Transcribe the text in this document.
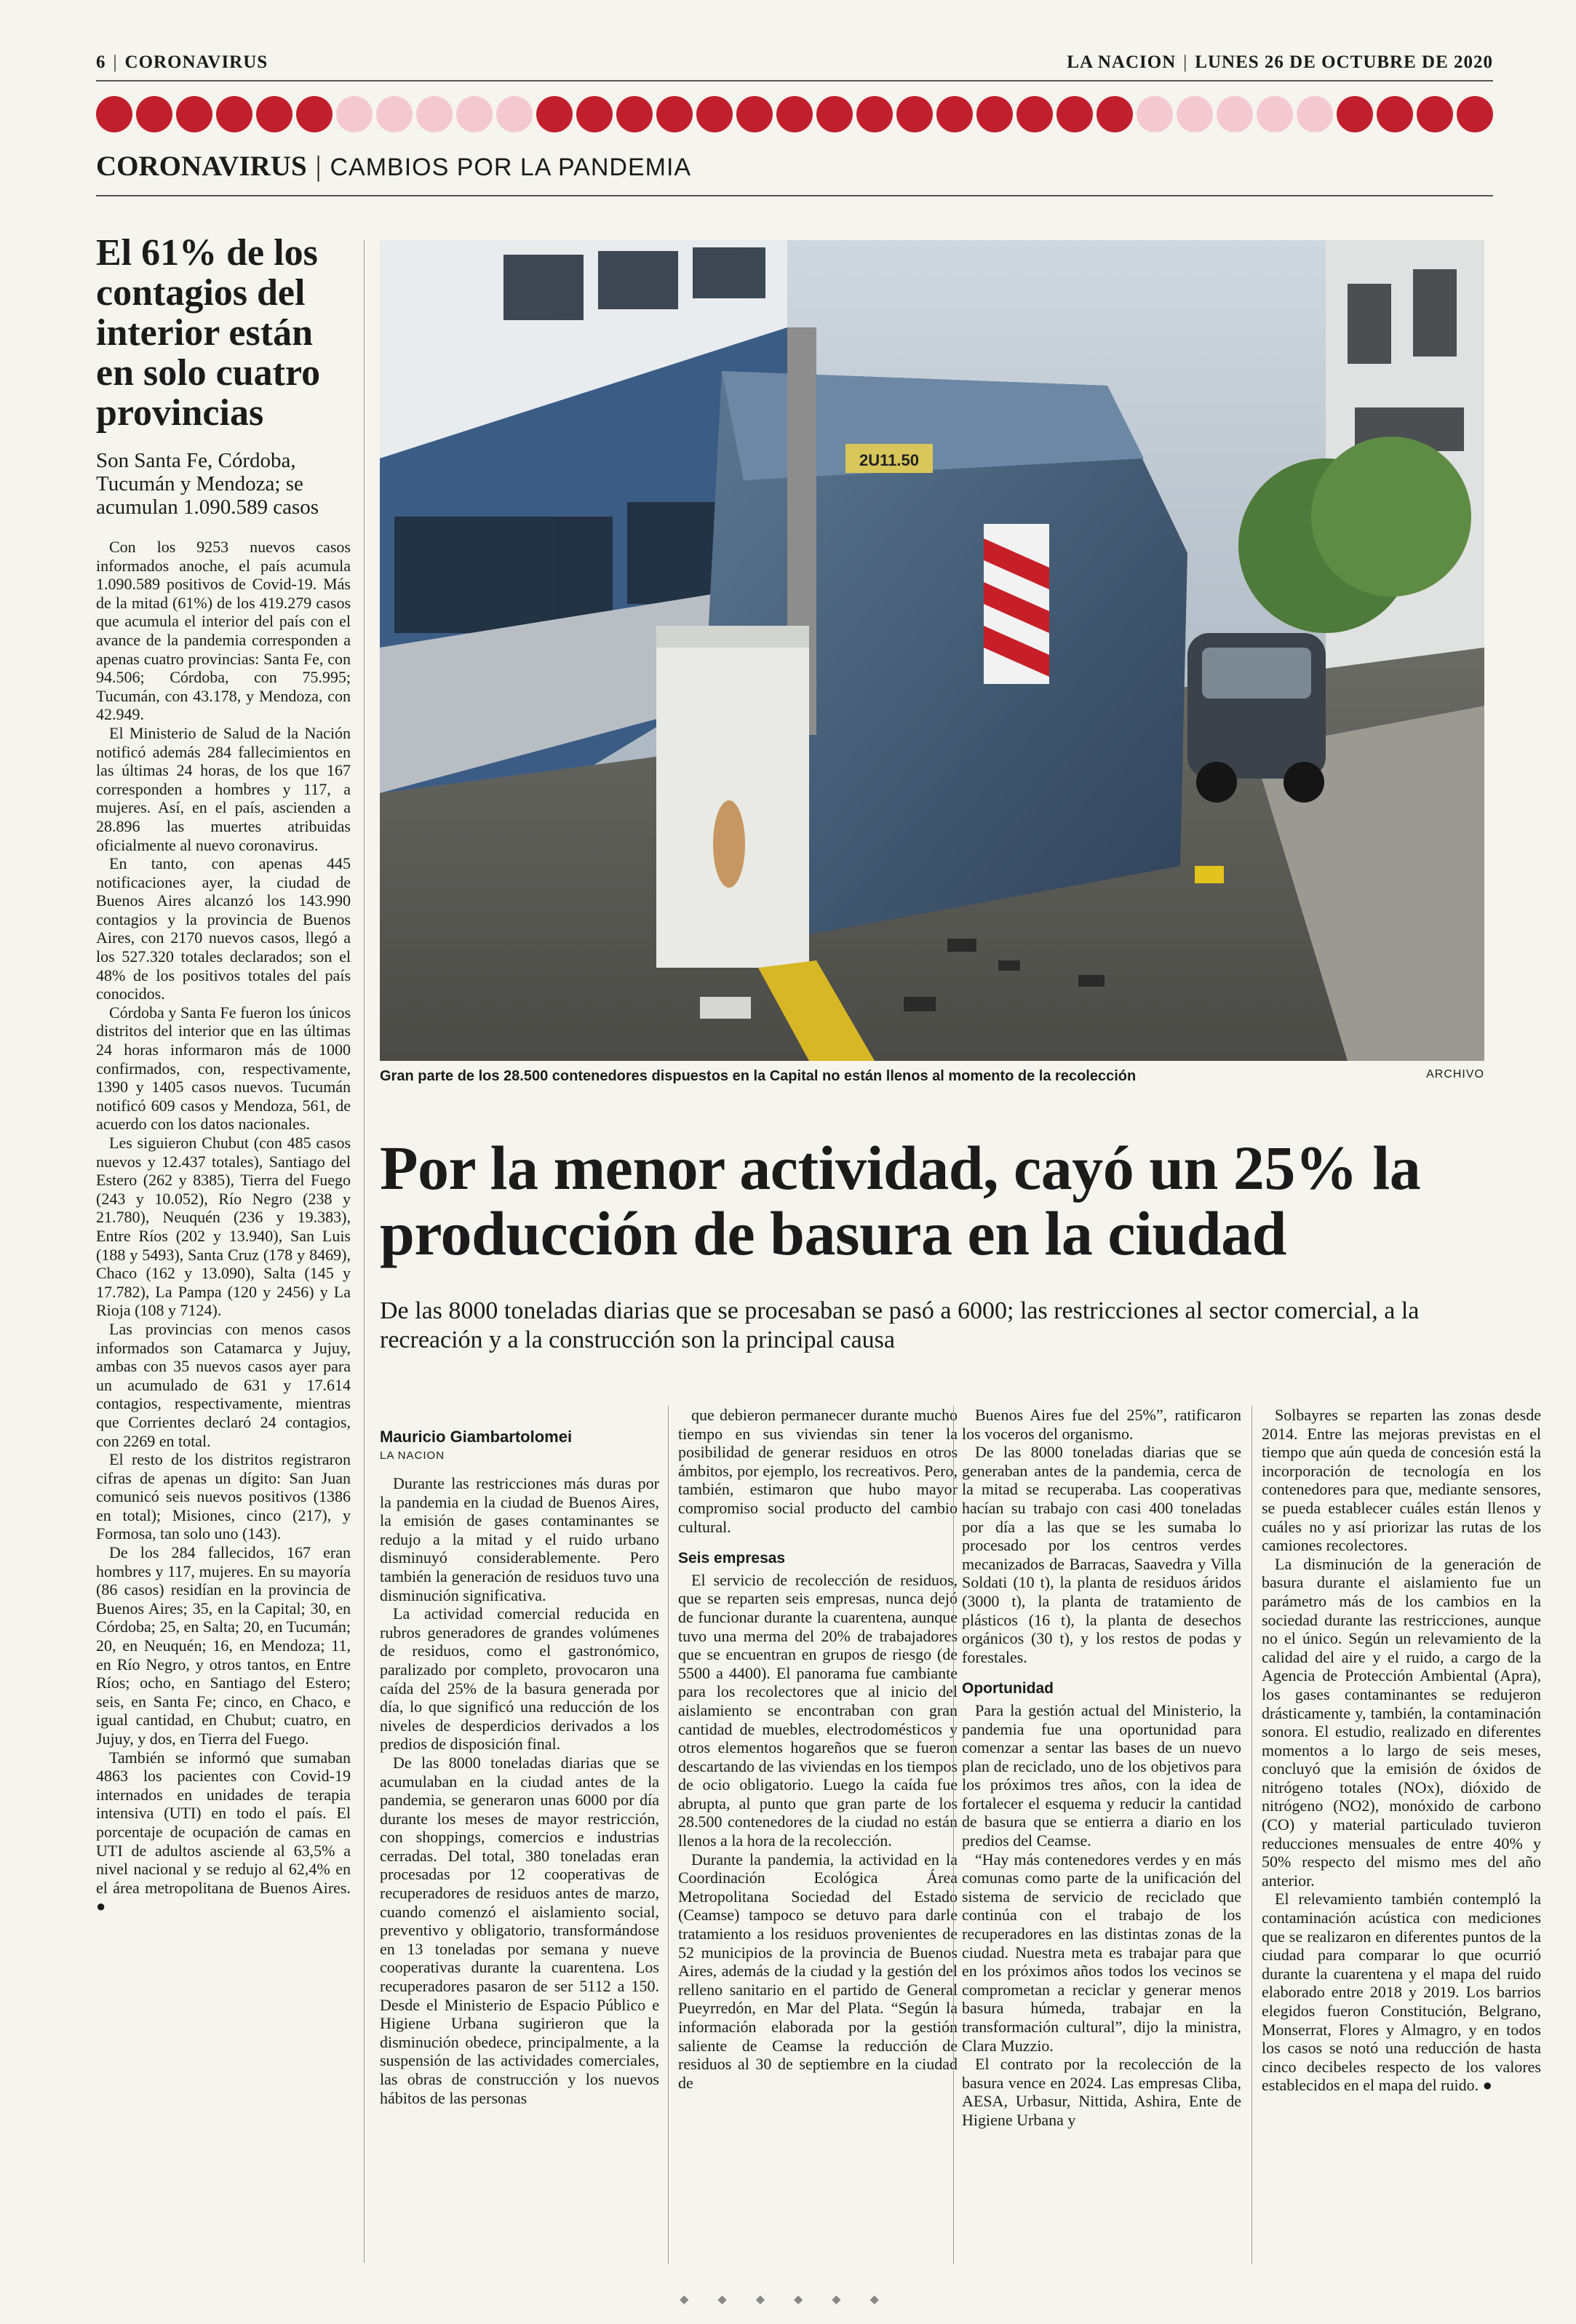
6 | CORONAVIRUS	LA NACION | LUNES 26 DE OCTUBRE DE 2020
CORONAVIRUS | CAMBIOS POR LA PANDEMIA
El 61% de los contagios del interior están en solo cuatro provincias
Son Santa Fe, Córdoba, Tucumán y Mendoza; se acumulan 1.090.589 casos

Con los 9253 nuevos casos informados anoche, el país acumula 1.090.589 positivos de Covid-19. Más de la mitad (61%) de los 419.279 casos que acumula el interior del país con el avance de la pandemia corresponden a apenas cuatro provincias: Santa Fe, con 94.506; Córdoba, con 75.995; Tucumán, con 43.178, y Mendoza, con 42.949.

El Ministerio de Salud de la Nación notificó además 284 fallecimientos en las últimas 24 horas, de los que 167 corresponden a hombres y 117, a mujeres. Así, en el país, ascienden a 28.896 las muertes atribuidas oficialmente al nuevo coronavirus.

En tanto, con apenas 445 notificaciones ayer, la ciudad de Buenos Aires alcanzó los 143.990 contagios y la provincia de Buenos Aires, con 2170 nuevos casos, llegó a los 527.320 totales declarados; son el 48% de los positivos totales del país conocidos.

Córdoba y Santa Fe fueron los únicos distritos del interior que en las últimas 24 horas informaron más de 1000 confirmados, con, respectivamente, 1390 y 1405 casos nuevos. Tucumán notificó 609 casos y Mendoza, 561, de acuerdo con los datos nacionales.

Les siguieron Chubut (con 485 casos nuevos y 12.437 totales), Santiago del Estero (262 y 8385), Tierra del Fuego (243 y 10.052), Río Negro (238 y 21.780), Neuquén (236 y 19.383), Entre Ríos (202 y 13.940), San Luis (188 y 5493), Santa Cruz (178 y 8469), Chaco (162 y 13.090), Salta (145 y 17.782), La Pampa (120 y 2456) y La Rioja (108 y 7124).

Las provincias con menos casos informados son Catamarca y Jujuy, ambas con 35 nuevos casos ayer para un acumulado de 631 y 17.614 contagios, respectivamente, mientras que Corrientes declaró 24 contagios, con 2269 en total.

El resto de los distritos registraron cifras de apenas un dígito: San Juan comunicó seis nuevos positivos (1386 en total); Misiones, cinco (217), y Formosa, tan solo uno (143).

De los 284 fallecidos, 167 eran hombres y 117, mujeres. En su mayoría (86 casos) residían en la provincia de Buenos Aires; 35, en la Capital; 30, en Córdoba; 25, en Salta; 20, en Tucumán; 20, en Neuquén; 16, en Mendoza; 11, en Río Negro, y otros tantos, en Entre Ríos; ocho, en Santiago del Estero; seis, en Santa Fe; cinco, en Chaco, e igual cantidad, en Chubut; cuatro, en Jujuy, y dos, en Tierra del Fuego.

También se informó que sumaban 4863 los pacientes con Covid-19 internados en unidades de terapia intensiva (UTI) en todo el país. El porcentaje de ocupación de camas en UTI de adultos asciende al 63,5% a nivel nacional y se redujo al 62,4% en el área metropolitana de Buenos Aires. ●

2U11.50
Gran parte de los 28.500 contenedores dispuestos en la Capital no están llenos al momento de la recolección	ARCHIVO
Por la menor actividad, cayó un 25% la producción de basura en la ciudad

De las 8000 toneladas diarias que se procesaban se pasó a 6000; las restricciones al sector comercial, a la recreación y a la construcción son la principal causa

Mauricio Giambartolomei
LA NACION

Durante las restricciones más duras por la pandemia en la ciudad de Buenos Aires, la emisión de gases contaminantes se redujo a la mitad y el ruido urbano disminuyó considerablemente. Pero también la generación de residuos tuvo una disminución significativa.

La actividad comercial reducida en rubros generadores de grandes volúmenes de residuos, como el gastronómico, paralizado por completo, provocaron una caída del 25% de la basura generada por día, lo que significó una reducción de los niveles de desperdicios derivados a los predios de disposición final.

De las 8000 toneladas diarias que se acumulaban en la ciudad antes de la pandemia, se generaron unas 6000 por día durante los meses de mayor restricción, con shoppings, comercios e industrias cerradas. Del total, 380 toneladas eran procesadas por 12 cooperativas de recuperadores de residuos antes de marzo, cuando comenzó el aislamiento social, preventivo y obligatorio, transformándose en 13 toneladas por semana y nueve cooperativas durante la cuarentena. Los recuperadores pasaron de ser 5112 a 150. Desde el Ministerio de Espacio Público e Higiene Urbana sugirieron que la disminución obedece, principalmente, a la suspensión de las actividades comerciales, las obras de construcción y los nuevos hábitos de las personas

que debieron permanecer durante mucho tiempo en sus viviendas sin tener la posibilidad de generar residuos en otros ámbitos, por ejemplo, los recreativos. Pero, también, estimaron que hubo mayor compromiso social producto del cambio cultural.

Seis empresas

El servicio de recolección de residuos, que se reparten seis empresas, nunca dejó de funcionar durante la cuarentena, aunque tuvo una merma del 20% de trabajadores que se encuentran en grupos de riesgo (de 5500 a 4400). El panorama fue cambiante para los recolectores que al inicio del aislamiento se encontraban con gran cantidad de muebles, electrodomésticos y otros elementos hogareños que se fueron descartando de las viviendas en los tiempos de ocio obligatorio. Luego la caída fue abrupta, al punto que gran parte de los 28.500 contenedores de la ciudad no están llenos a la hora de la recolección.

Durante la pandemia, la actividad en la Coordinación Ecológica Área Metropolitana Sociedad del Estado (Ceamse) tampoco se detuvo para darle tratamiento a los residuos provenientes de 52 municipios de la provincia de Buenos Aires, además de la ciudad y la gestión del relleno sanitario en el partido de General Pueyrredón, en Mar del Plata. “Según la información elaborada por la gestión saliente de Ceamse la reducción de residuos al 30 de septiembre en la ciudad de

Buenos Aires fue del 25%”, ratificaron los voceros del organismo.

De las 8000 toneladas diarias que se generaban antes de la pandemia, cerca de la mitad se recuperaba. Las cooperativas hacían su trabajo con casi 400 toneladas por día a las que se les sumaba lo procesado por los centros verdes mecanizados de Barracas, Saavedra y Villa Soldati (10 t), la planta de residuos áridos (3000 t), la planta de tratamiento de plásticos (16 t), la planta de desechos orgánicos (30 t), y los restos de podas y forestales.

Oportunidad

Para la gestión actual del Ministerio, la pandemia fue una oportunidad para comenzar a sentar las bases de un nuevo plan de reciclado, uno de los objetivos para los próximos tres años, con la idea de fortalecer el esquema y reducir la cantidad de basura que se entierra a diario en los predios del Ceamse.

“Hay más contenedores verdes y en más comunas como parte de la unificación del sistema de servicio de reciclado que continúa con el trabajo de los recuperadores en las distintas zonas de la ciudad. Nuestra meta es trabajar para que en los próximos años todos los vecinos se comprometan a reciclar y generar menos basura húmeda, trabajar en la transformación cultural”, dijo la ministra, Clara Muzzio.

El contrato por la recolección de la basura vence en 2024. Las empresas Cliba, AESA, Urbasur, Nittida, Ashira, Ente de Higiene Urbana y

Solbayres se reparten las zonas desde 2014. Entre las mejoras previstas en el tiempo que aún queda de concesión está la incorporación de tecnología en los contenedores para que, mediante sensores, se pueda establecer cuáles están llenos y cuáles no y así priorizar las rutas de los camiones recolectores.

La disminución de la generación de basura durante el aislamiento fue un parámetro más de los cambios en la sociedad durante las restricciones, aunque no el único. Según un relevamiento de la calidad del aire y el ruido, a cargo de la Agencia de Protección Ambiental (Apra), los gases contaminantes se redujeron drásticamente y, también, la contaminación sonora. El estudio, realizado en diferentes momentos a lo largo de seis meses, concluyó que la emisión de óxidos de nitrógeno totales (NOx), dióxido de nitrógeno (NO2), monóxido de carbono (CO) y material particulado tuvieron reducciones mensuales de entre 40% y 50% respecto del mismo mes del año anterior.

El relevamiento también contempló la contaminación acústica con mediciones que se realizaron en diferentes puntos de la ciudad para comparar lo que ocurrió durante la cuarentena y el mapa del ruido elaborado entre 2018 y 2019. Los barrios elegidos fueron Constitución, Belgrano, Monserrat, Flores y Almagro, y en todos los casos se notó una reducción de hasta cinco decibeles respecto de los valores establecidos en el mapa del ruido. ●

◆ ◆ ◆ ◆ ◆ ◆
